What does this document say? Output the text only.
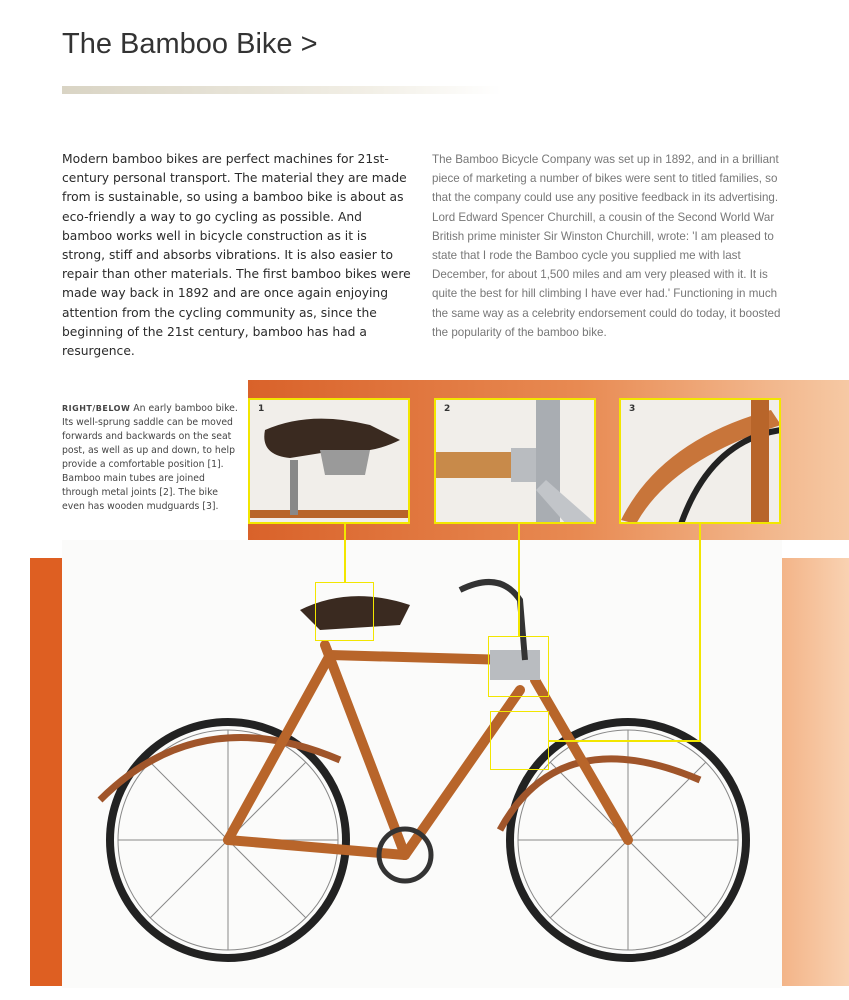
The Bamboo Bike >

Modern bamboo bikes are perfect machines for 21st-century personal transport. The material they are made from is sustainable, so using a bamboo bike is about as eco-friendly a way to go cycling as possible. And bamboo works well in bicycle construction as it is strong, stiff and absorbs vibrations. It is also easier to repair than other materials. The first bamboo bikes were made way back in 1892 and are once again enjoying attention from the cycling community as, since the beginning of the 21st century, bamboo has had a resurgence.

The Bamboo Bicycle Company was set up in 1892, and in a brilliant piece of marketing a number of bikes were sent to titled families, so that the company could use any positive feedback in its advertising. Lord Edward Spencer Churchill, a cousin of the Second World War British prime minister Sir Winston Churchill, wrote: 'I am pleased to state that I rode the Bamboo cycle you supplied me with last December, for about 1,500 miles and am very pleased with it. It is quite the best for hill climbing I have ever had.' Functioning in much the same way as a celebrity endorsement could do today, it boosted the popularity of the bamboo bike.

RIGHT/BELOW An early bamboo bike. Its well-sprung saddle can be moved forwards and backwards on the seat post, as well as up and down, to help provide a comfortable position [1]. Bamboo main tubes are joined through metal joints [2]. The bike even has wooden mudguards [3].

1	2	3
